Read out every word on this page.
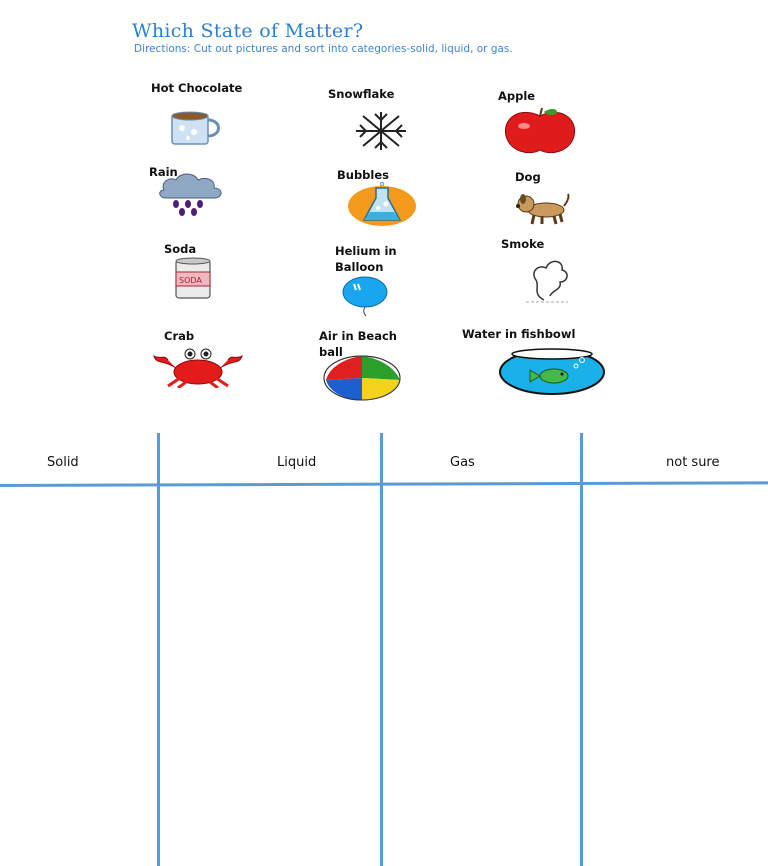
Which State of Matter?
Directions: Cut out pictures and sort into categories-solid, liquid, or gas.
Hot Chocolate	Snowflake	Apple
Rain	Bubbles	Dog
Soda
SODA
Helium in Balloon
Smoke
Crab	Air in Beach ball
Water in fishbowl
Solid	Liquid	Gas	not sure
